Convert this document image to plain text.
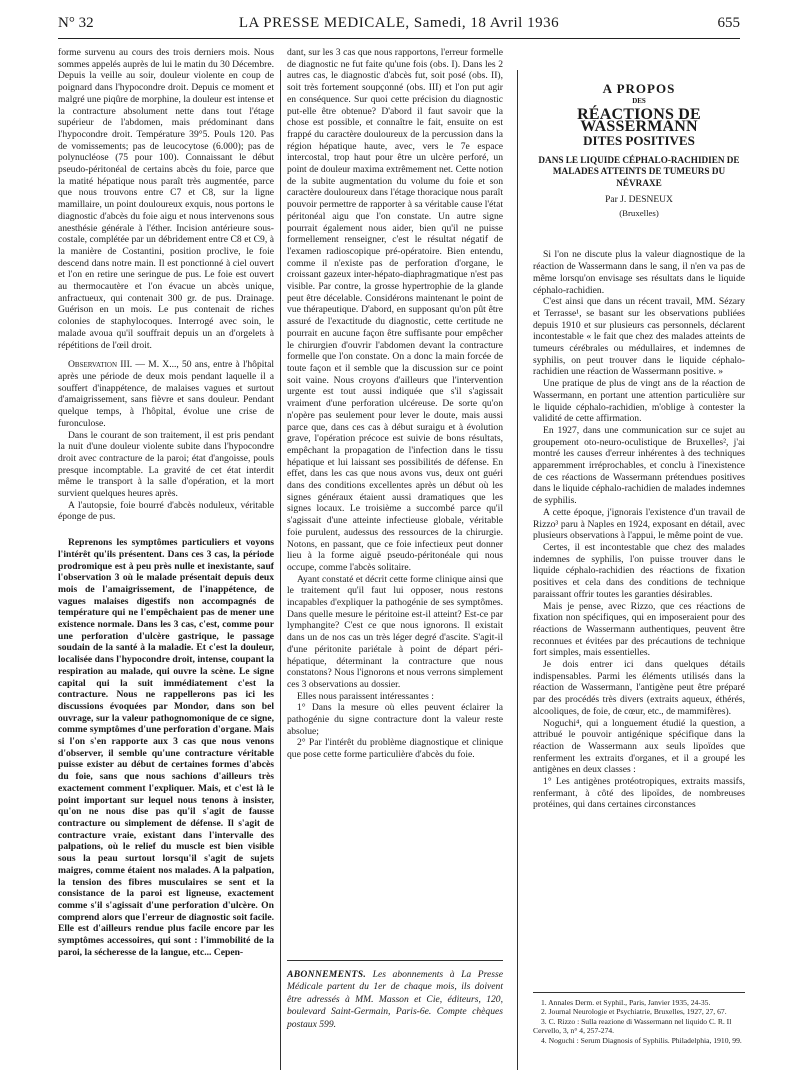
N° 32	LA PRESSE MEDICALE, Samedi, 18 Avril 1936	655

forme survenu au cours des trois derniers mois. Nous sommes appelés auprès de lui le matin du 30 Décembre. Depuis la veille au soir, douleur violente en coup de poignard dans l'hypocondre droit. Depuis ce moment et malgré une piqûre de morphine, la douleur est intense et la contracture absolument nette dans tout l'étage supérieur de l'abdomen, mais prédominant dans l'hypocondre droit. Température 39°5. Pouls 120. Pas de vomissements; pas de leucocytose (6.000); pas de polynucléose (75 pour 100). Connaissant le début pseudo-péritonéal de certains abcès du foie, parce que la matité hépatique nous paraît très augmentée, parce que nous trouvons entre C7 et C8, sur la ligne mamillaire, un point douloureux exquis, nous portons le diagnostic d'abcès du foie aigu et nous intervenons sous anesthésie générale à l'éther. Incision antérieure sous-costale, complétée par un débridement entre C8 et C9, à la manière de Costantini, position proclive, le foie descend dans notre main. Il est ponctionné à ciel ouvert et l'on en retire une seringue de pus. Le foie est ouvert au thermocautère et l'on évacue un abcès unique, anfractueux, qui contenait 300 gr. de pus. Drainage. Guérison en un mois. Le pus contenait de riches colonies de staphylocoques. Interrogé avec soin, le malade avoua qu'il souffrait depuis un an d'orgelets à répétitions de l'œil droit.

Observation III. — M. X..., 50 ans, entre à l'hôpital après une période de deux mois pendant laquelle il a souffert d'inappétence, de malaises vagues et surtout d'amaigrissement, sans fièvre et sans douleur. Pendant quelque temps, à l'hôpital, évolue une crise de furonculose.

Dans le courant de son traitement, il est pris pendant la nuit d'une douleur violente subite dans l'hypocondre droit avec contracture de la paroi; état d'angoisse, pouls presque incomptable. La gravité de cet état interdit même le transport à la salle d'opération, et la mort survient quelques heures après.

A l'autopsie, foie bourré d'abcès noduleux, véritable éponge de pus.

Reprenons les symptômes particuliers et voyons l'intérêt qu'ils présentent. Dans ces 3 cas, la période prodromique est à peu près nulle et inexistante, sauf l'observation 3 où le malade présentait depuis deux mois de l'amaigrissement, de l'inappétence, de vagues malaises digestifs non accompagnés de température qui ne l'empêchaient pas de mener une existence normale. Dans les 3 cas, c'est, comme pour une perforation d'ulcère gastrique, le passage soudain de la santé à la maladie. Et c'est la douleur, localisée dans l'hypocondre droit, intense, coupant la respiration au malade, qui ouvre la scène. Le signe capital qui la suit immédiatement c'est la contracture. Nous ne rappellerons pas ici les discussions évoquées par Mondor, dans son bel ouvrage, sur la valeur pathognomonique de ce signe, comme symptômes d'une perforation d'organe. Mais si l'on s'en rapporte aux 3 cas que nous venons d'observer, il semble qu'une contracture véritable puisse exister au début de certaines formes d'abcès du foie, sans que nous sachions d'ailleurs très exactement comment l'expliquer. Mais, et c'est là le point important sur lequel nous tenons à insister, qu'on ne nous dise pas qu'il s'agit de fausse contracture ou simplement de défense. Il s'agit de contracture vraie, existant dans l'intervalle des palpations, où le relief du muscle est bien visible sous la peau surtout lorsqu'il s'agit de sujets maigres, comme étaient nos malades. A la palpation, la tension des fibres musculaires se sent et la consistance de la paroi est ligneuse, exactement comme s'il s'agissait d'une perforation d'ulcère. On comprend alors que l'erreur de diagnostic soit facile. Elle est d'ailleurs rendue plus facile encore par les symptômes accessoires, qui sont : l'immobilité de la paroi, la sécheresse de la langue, etc... Cepen-

dant, sur les 3 cas que nous rapportons, l'erreur formelle de diagnostic ne fut faite qu'une fois (obs. I). Dans les 2 autres cas, le diagnostic d'abcès fut, soit posé (obs. II), soit très fortement soupçonné (obs. III) et l'on put agir en conséquence. Sur quoi cette précision du diagnostic put-elle être obtenue? D'abord il faut savoir que la chose est possible, et connaître le fait, ensuite on est frappé du caractère douloureux de la percussion dans la région hépatique haute, avec, vers le 7e espace intercostal, trop haut pour être un ulcère perforé, un point de douleur maxima extrêmement net. Cette notion de la subite augmentation du volume du foie et son caractère douloureux dans l'étage thoracique nous paraît pouvoir permettre de rapporter à sa véritable cause l'état péritonéal aigu que l'on constate. Un autre signe pourrait également nous aider, bien qu'il ne puisse formellement renseigner, c'est le résultat négatif de l'examen radioscopique pré-opératoire. Bien entendu, comme il n'existe pas de perforation d'organe, le croissant gazeux inter-hépato-diaphragmatique n'est pas visible. Par contre, la grosse hypertrophie de la glande peut être décelable. Considérons maintenant le point de vue thérapeutique. D'abord, en supposant qu'on pût être assuré de l'exactitude du diagnostic, cette certitude ne pourrait en aucune façon être suffisante pour empêcher le chirurgien d'ouvrir l'abdomen devant la contracture formelle que l'on constate. On a donc la main forcée de toute façon et il semble que la discussion sur ce point soit vaine. Nous croyons d'ailleurs que l'intervention urgente est tout aussi indiquée que s'il s'agissait vraiment d'une perforation ulcéreuse. De sorte qu'on n'opère pas seulement pour lever le doute, mais aussi parce que, dans ces cas à début suraigu et à évolution grave, l'opération précoce est suivie de bons résultats, empêchant la propagation de l'infection dans le tissu hépatique et lui laissant ses possibilités de défense. En effet, dans les cas que nous avons vus, deux ont guéri dans des conditions excellentes après un début où les signes généraux étaient aussi dramatiques que les signes locaux. Le troisième a succombé parce qu'il s'agissait d'une atteinte infectieuse globale, véritable foie purulent, audessus des ressources de la chirurgie. Notons, en passant, que ce foie infectieux peut donner lieu à la forme aiguë pseudo-péritonéale qui nous occupe, comme l'abcès solitaire.

Ayant constaté et décrit cette forme clinique ainsi que le traitement qu'il faut lui opposer, nous restons incapables d'expliquer la pathogénie de ses symptômes. Dans quelle mesure le péritoine est-il atteint? Est-ce par lymphangite? C'est ce que nous ignorons. Il existait dans un de nos cas un très léger degré d'ascite. S'agit-il d'une péritonite pariétale à point de départ péri-hépatique, déterminant la contracture que nous constatons? Nous l'ignorons et nous verrons simplement ces 3 observations au dossier.

Elles nous paraissent intéressantes :

1° Dans la mesure où elles peuvent éclairer la pathogénie du signe contracture dont la valeur reste absolue;

2° Par l'intérêt du problème diagnostique et clinique que pose cette forme particulière d'abcès du foie.

ABONNEMENTS. Les abonnements à La Presse Médicale partent du 1er de chaque mois, ils doivent être adressés à MM. Masson et Cie, éditeurs, 120, boulevard Saint-Germain, Paris-6e. Compte chèques postaux 599.
A PROPOS
DES
RÉACTIONS DE WASSERMANN
DITES POSITIVES
DANS LE LIQUIDE CÉPHALO-RACHIDIEN DE MALADES ATTEINTS DE TUMEURS DU NÉVRAXE
Par J. DESNEUX
(Bruxelles)

Si l'on ne discute plus la valeur diagnostique de la réaction de Wassermann dans le sang, il n'en va pas de même lorsqu'on envisage ses résultats dans le liquide céphalo-rachidien.

C'est ainsi que dans un récent travail, MM. Sézary et Terrasse¹, se basant sur les observations publiées depuis 1910 et sur plusieurs cas personnels, déclarent incontestable « le fait que chez des malades atteints de tumeurs cérébrales ou médullaires, et indemnes de syphilis, on peut trouver dans le liquide céphalo-rachidien une réaction de Wassermann positive. »

Une pratique de plus de vingt ans de la réaction de Wassermann, en portant une attention particulière sur le liquide céphalo-rachidien, m'oblige à contester la validité de cette affirmation.

En 1927, dans une communication sur ce sujet au groupement oto-neuro-oculistique de Bruxelles², j'ai montré les causes d'erreur inhérentes à des techniques apparemment irréprochables, et conclu à l'inexistence de ces réactions de Wassermann prétendues positives dans le liquide céphalo-rachidien de malades indemnes de syphilis.

A cette époque, j'ignorais l'existence d'un travail de Rizzo³ paru à Naples en 1924, exposant en détail, avec plusieurs observations à l'appui, le même point de vue.

Certes, il est incontestable que chez des malades indemnes de syphilis, l'on puisse trouver dans le liquide céphalo-rachidien des réactions de fixation positives et cela dans des conditions de technique paraissant offrir toutes les garanties désirables.

Mais je pense, avec Rizzo, que ces réactions de fixation non spécifiques, qui en imposeraient pour des réactions de Wassermann authentiques, peuvent être reconnues et évitées par des précautions de technique fort simples, mais essentielles.

Je dois entrer ici dans quelques détails indispensables. Parmi les éléments utilisés dans la réaction de Wassermann, l'antigène peut être préparé par des procédés très divers (extraits aqueux, éthérés, alcooliques, de foie, de cœur, etc., de mammifères).

Noguchi⁴, qui a longuement étudié la question, a attribué le pouvoir antigénique spécifique dans la réaction de Wassermann aux seuls lipoïdes que renferment les extraits d'organes, et il a groupé les antigènes en deux classes :

1° Les antigènes protéotropiques, extraits massifs, renfermant, à côté des lipoïdes, de nombreuses protéines, qui dans certaines circonstances

1. Annales Derm. et Syphil., Paris, Janvier 1935, 24-35.
2. Journal Neurologie et Psychiatrie, Bruxelles, 1927, 27, 67.
3. C. Rizzo : Sulla reazione di Wassermann nel liquido C. R. Il Cervello, 3, n° 4, 257-274.
4. Noguchi : Serum Diagnosis of Syphilis. Philadelphia, 1910, 99.
